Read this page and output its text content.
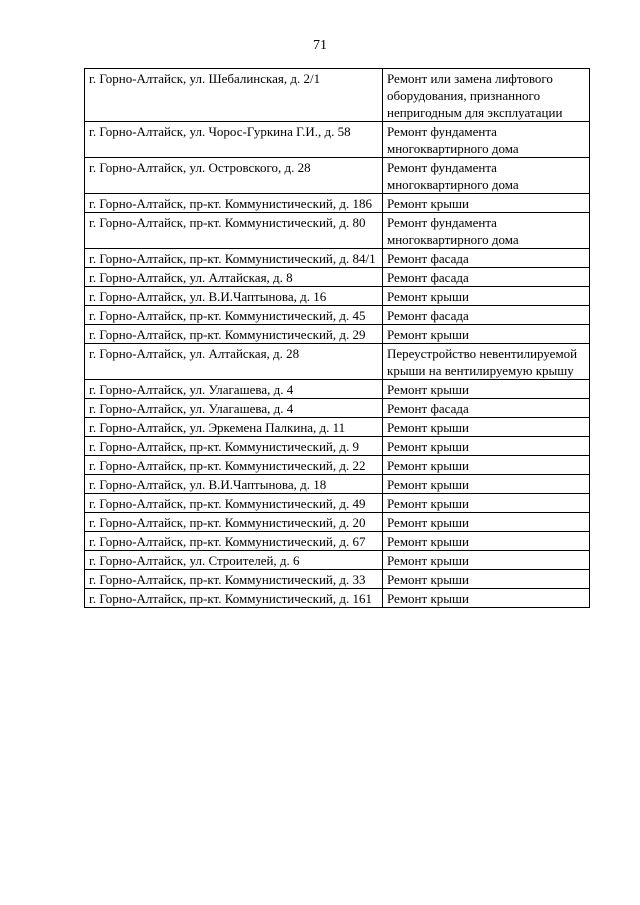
71
г. Горно-Алтайск, ул. Шебалинская, д. 2/1	Ремонт или замена лифтового оборудования, признанного непригодным для эксплуатации
г. Горно-Алтайск, ул. Чорос-Гуркина Г.И., д. 58	Ремонт фундамента многоквартирного дома
г. Горно-Алтайск, ул. Островского, д. 28	Ремонт фундамента многоквартирного дома
г. Горно-Алтайск, пр-кт. Коммунистический, д. 186	Ремонт крыши
г. Горно-Алтайск, пр-кт. Коммунистический, д. 80	Ремонт фундамента многоквартирного дома
г. Горно-Алтайск, пр-кт. Коммунистический, д. 84/1	Ремонт фасада
г. Горно-Алтайск, ул. Алтайская, д. 8	Ремонт фасада
г. Горно-Алтайск, ул. В.И.Чаптынова, д. 16	Ремонт крыши
г. Горно-Алтайск, пр-кт. Коммунистический, д. 45	Ремонт фасада
г. Горно-Алтайск, пр-кт. Коммунистический, д. 29	Ремонт крыши
г. Горно-Алтайск, ул. Алтайская, д. 28	Переустройство невентилируемой крыши на вентилируемую крышу
г. Горно-Алтайск, ул. Улагашева, д. 4	Ремонт крыши
г. Горно-Алтайск, ул. Улагашева, д. 4	Ремонт фасада
г. Горно-Алтайск, ул. Эркемена Палкина, д. 11	Ремонт крыши
г. Горно-Алтайск, пр-кт. Коммунистический, д. 9	Ремонт крыши
г. Горно-Алтайск, пр-кт. Коммунистический, д. 22	Ремонт крыши
г. Горно-Алтайск, ул. В.И.Чаптынова, д. 18	Ремонт крыши
г. Горно-Алтайск, пр-кт. Коммунистический, д. 49	Ремонт крыши
г. Горно-Алтайск, пр-кт. Коммунистический, д. 20	Ремонт крыши
г. Горно-Алтайск, пр-кт. Коммунистический, д. 67	Ремонт крыши
г. Горно-Алтайск, ул. Строителей, д. 6	Ремонт крыши
г. Горно-Алтайск, пр-кт. Коммунистический, д. 33	Ремонт крыши
г. Горно-Алтайск, пр-кт. Коммунистический, д. 161	Ремонт крыши
